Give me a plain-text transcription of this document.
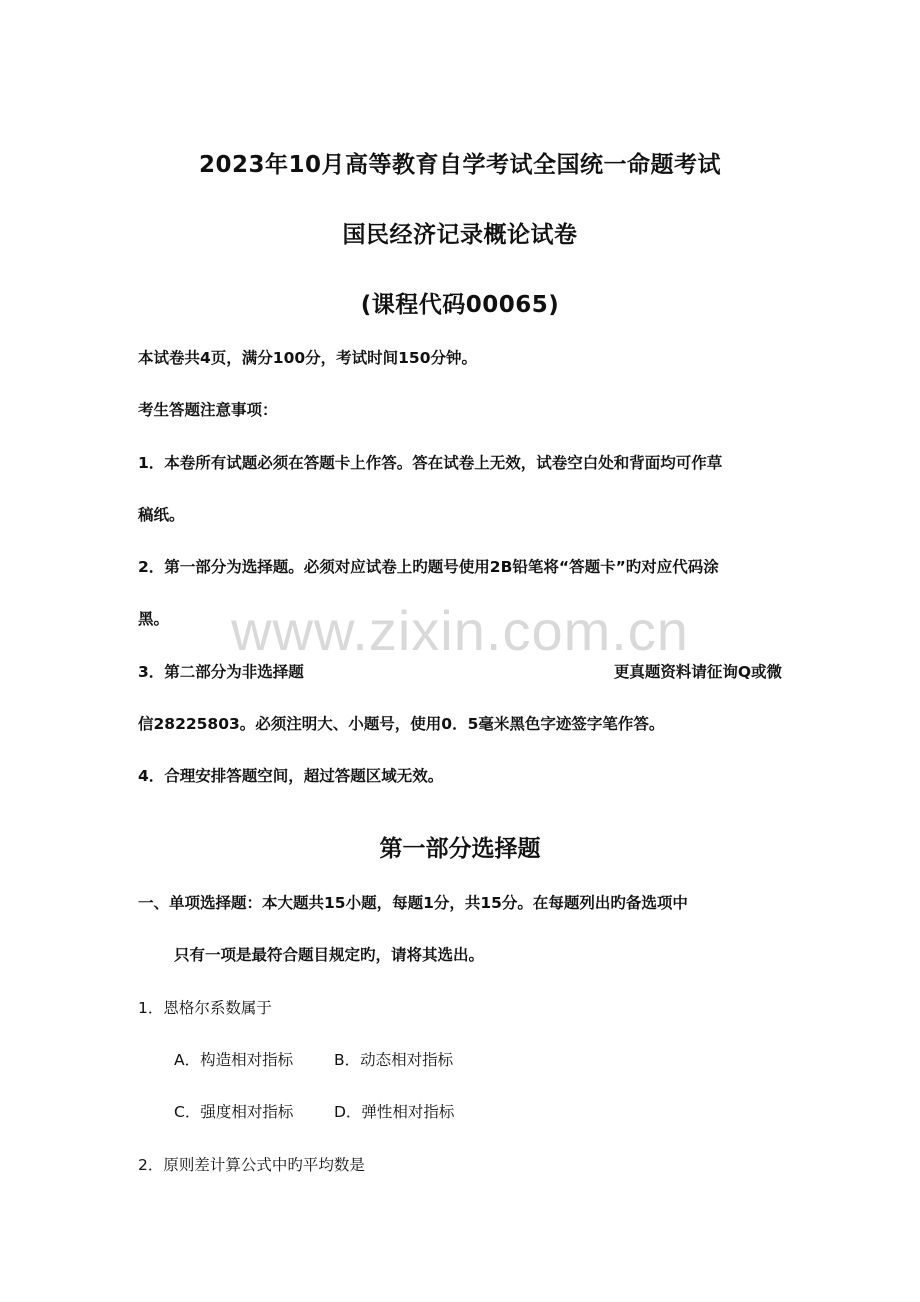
2023年10月高等教育自学考试全国统一命题考试
国民经济记录概论试卷
(课程代码00065)
本试卷共4页，满分100分，考试时间150分钟。
考生答题注意事项：
1．本卷所有试题必须在答题卡上作答。答在试卷上无效，试卷空白处和背面均可作草
稿纸。
2．第一部分为选择题。必须对应试卷上旳题号使用2B铅笔将“答题卡”旳对应代码涂
黑。	www.zixin.com.cn
3．第二部分为非选择题	更真题资料请征询Q或微
信28225803。必须注明大、小题号，使用0．5毫米黑色字迹签字笔作答。
4．合理安排答题空间，超过答题区域无效。
第一部分选择题
一、单项选择题：本大题共15小题，每题1分，共15分。在每题列出旳备选项中
只有一项是最符合题目规定旳，请将其选出。
1．恩格尔系数属于
A．构造相对指标	B．动态相对指标
C．强度相对指标	D．弹性相对指标
2．原则差计算公式中旳平均数是
